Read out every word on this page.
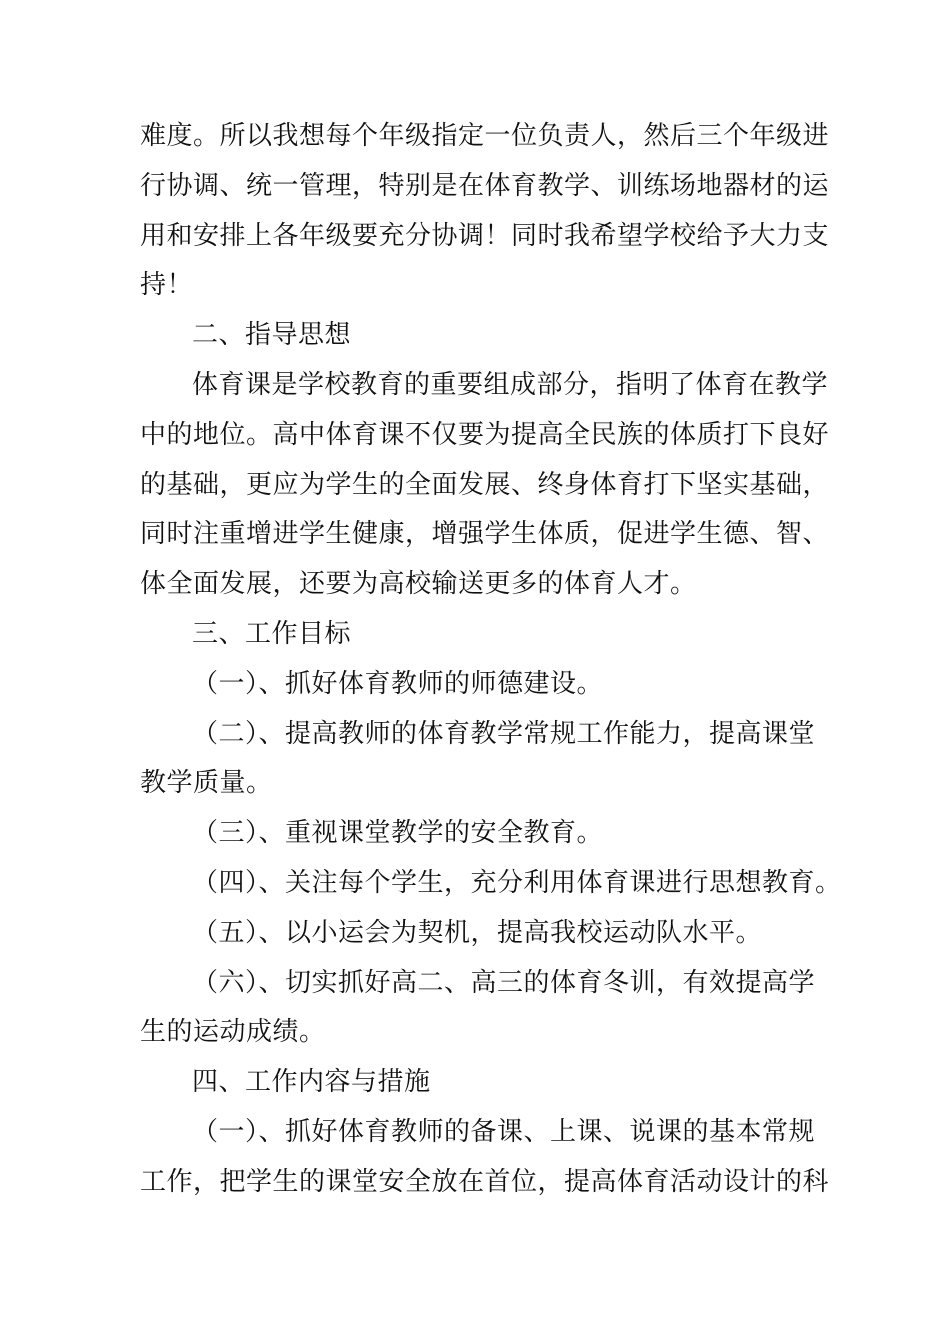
难度。所以我想每个年级指定一位负责人，然后三个年级进
行协调、统一管理，特别是在体育教学、训练场地器材的运
用和安排上各年级要充分协调！同时我希望学校给予大力支
持！
二、指导思想
体育课是学校教育的重要组成部分，指明了体育在教学
中的地位。高中体育课不仅要为提高全民族的体质打下良好
的基础，更应为学生的全面发展、终身体育打下坚实基础，
同时注重增进学生健康，增强学生体质，促进学生德、智、
体全面发展，还要为高校输送更多的体育人才。
三、工作目标
（一）、抓好体育教师的师德建设。
（二）、提高教师的体育教学常规工作能力，提高课堂
教学质量。
（三）、重视课堂教学的安全教育。
（四）、关注每个学生，充分利用体育课进行思想教育。
（五）、以小运会为契机，提高我校运动队水平。
（六）、切实抓好高二、高三的体育冬训，有效提高学
生的运动成绩。
四、工作内容与措施
（一）、抓好体育教师的备课、上课、说课的基本常规
工作，把学生的课堂安全放在首位，提高体育活动设计的科
